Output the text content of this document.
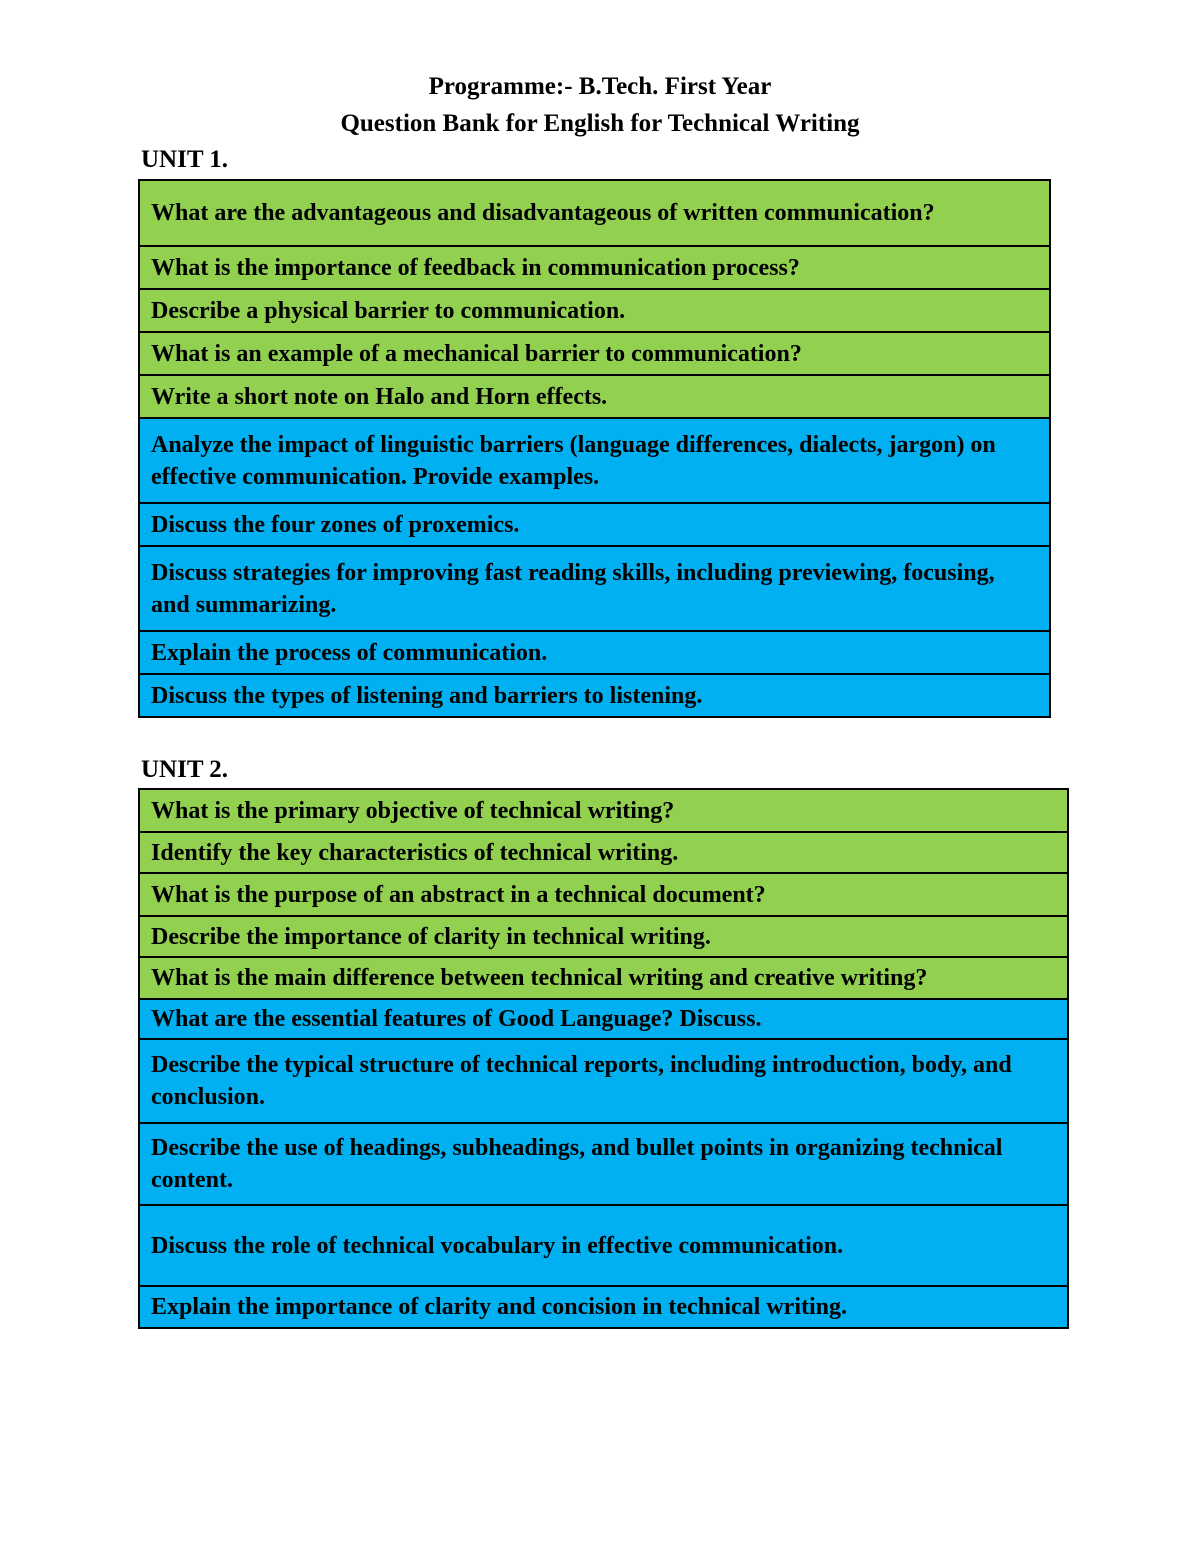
Programme:- B.Tech. First Year
Question Bank for English for Technical Writing
UNIT 1.
What are the advantageous and disadvantageous of written communication?
What is the importance of feedback in communication process?
Describe a physical barrier to communication.
What is an example of a mechanical barrier to communication?
Write a short note on Halo and Horn effects.
Analyze the impact of linguistic barriers (language differences, dialects, jargon) on effective communication. Provide examples.
Discuss the four zones of proxemics.
Discuss strategies for improving fast reading skills, including previewing, focusing, and summarizing.
Explain the process of communication.
Discuss the types of listening and barriers to listening.
UNIT 2.
What is the primary objective of technical writing?
Identify the key characteristics of technical writing.
What is the purpose of an abstract in a technical document?
Describe the importance of clarity in technical writing.
What is the main difference between technical writing and creative writing?
What are the essential features of Good Language? Discuss.
Describe the typical structure of technical reports, including introduction, body, and conclusion.
Describe the use of headings, subheadings, and bullet points in organizing technical content.
Discuss the role of technical vocabulary in effective communication.
Explain the importance of clarity and concision in technical writing.
